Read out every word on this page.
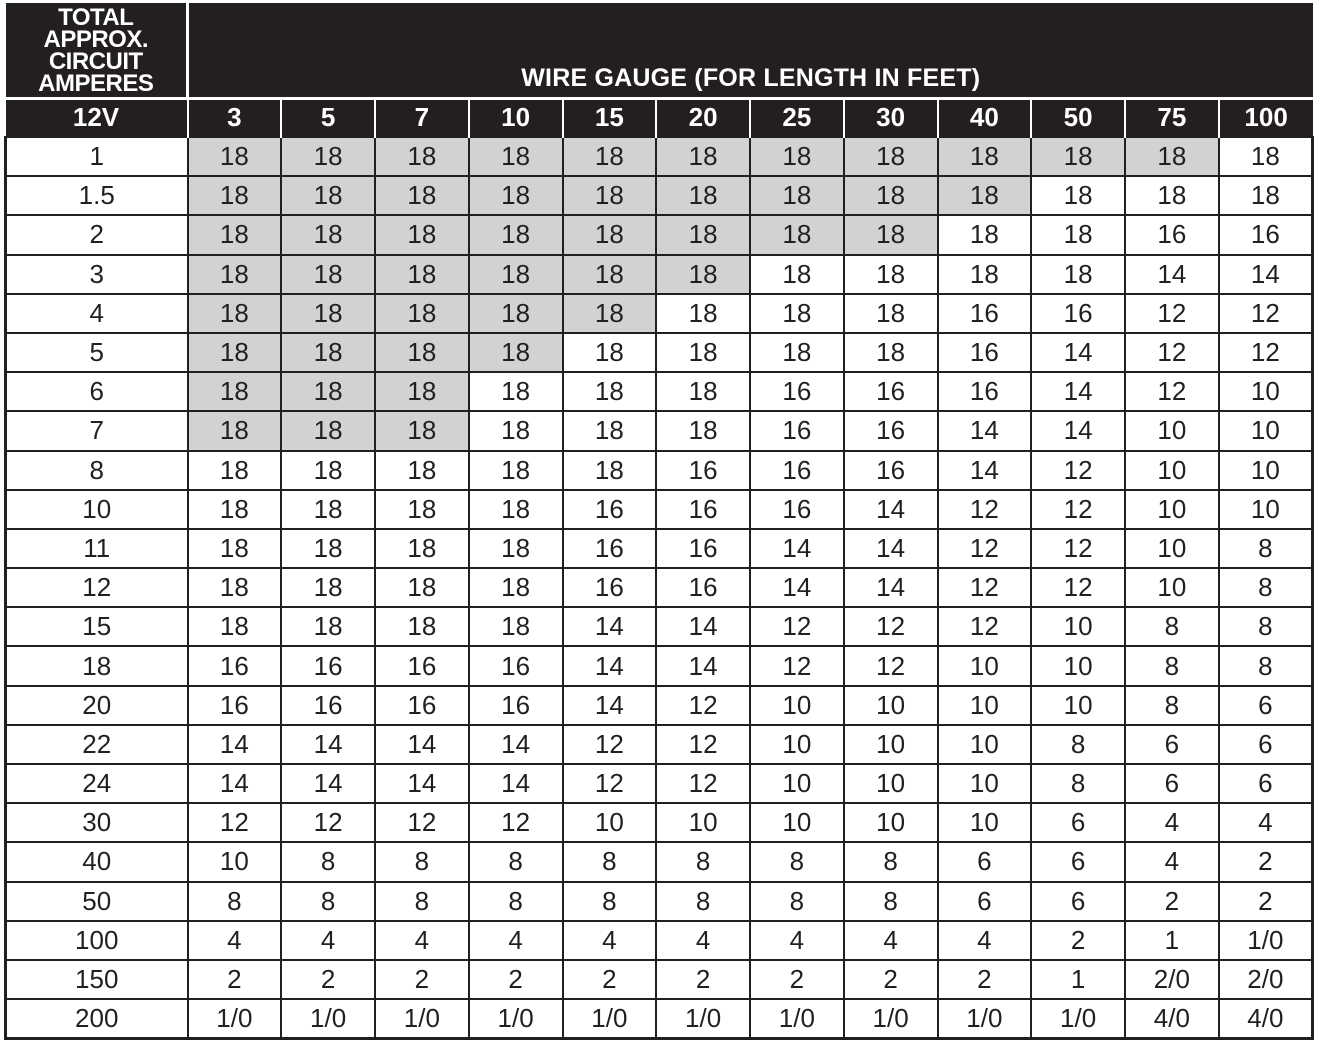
TOTAL APPROX.
CIRCUIT
AMPERES	WIRE GAUGE (FOR LENGTH IN FEET)											
12V	3	5	7	10	15	20	25	30	40	50	75	100
1	18	18	18	18	18	18	18	18	18	18	18	18
1.5	18	18	18	18	18	18	18	18	18	18	18	18
2	18	18	18	18	18	18	18	18	18	18	16	16
3	18	18	18	18	18	18	18	18	18	18	14	14
4	18	18	18	18	18	18	18	18	16	16	12	12
5	18	18	18	18	18	18	18	18	16	14	12	12
6	18	18	18	18	18	18	16	16	16	14	12	10
7	18	18	18	18	18	18	16	16	14	14	10	10
8	18	18	18	18	18	16	16	16	14	12	10	10
10	18	18	18	18	16	16	16	14	12	12	10	10
11	18	18	18	18	16	16	14	14	12	12	10	8
12	18	18	18	18	16	16	14	14	12	12	10	8
15	18	18	18	18	14	14	12	12	12	10	8	8
18	16	16	16	16	14	14	12	12	10	10	8	8
20	16	16	16	16	14	12	10	10	10	10	8	6
22	14	14	14	14	12	12	10	10	10	8	6	6
24	14	14	14	14	12	12	10	10	10	8	6	6
30	12	12	12	12	10	10	10	10	10	6	4	4
40	10	8	8	8	8	8	8	8	6	6	4	2
50	8	8	8	8	8	8	8	8	6	6	2	2
100	4	4	4	4	4	4	4	4	4	2	1	1/0
150	2	2	2	2	2	2	2	2	2	1	2/0	2/0
200	1/0	1/0	1/0	1/0	1/0	1/0	1/0	1/0	1/0	1/0	4/0	4/0
